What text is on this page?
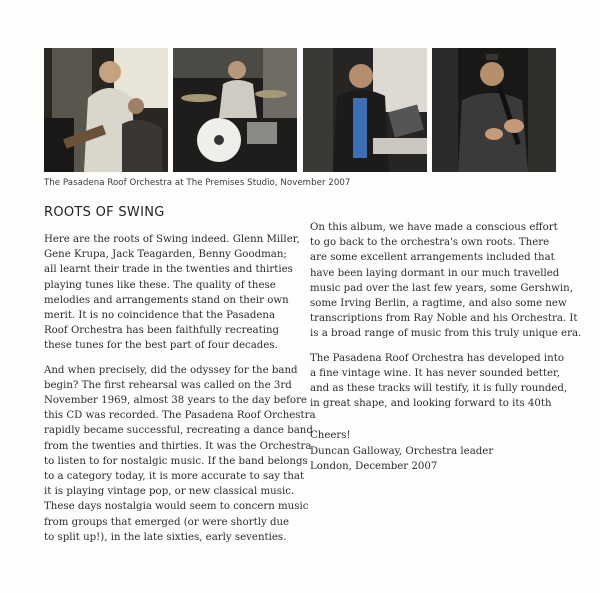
The Pasadena Roof Orchestra at The Premises Studio, November 2007
ROOTS OF SWING
Here are the roots of Swing indeed. Glenn Miller,
Gene Krupa, Jack Teagarden, Benny Goodman;
all learnt their trade in the twenties and thirties
playing tunes like these. The quality of these
melodies and arrangements stand on their own
merit. It is no coincidence that the Pasadena
Roof Orchestra has been faithfully recreating
these tunes for the best part of four decades.
And when precisely, did the odyssey for the band
begin? The first rehearsal was called on the 3rd
November 1969, almost 38 years to the day before
this CD was recorded. The Pasadena Roof Orchestra
rapidly became successful, recreating a dance band
from the twenties and thirties. It was the Orchestra
to listen to for nostalgic music. If the band belongs
to a category today, it is more accurate to say that
it is playing vintage pop, or new classical music.
These days nostalgia would seem to concern music
from groups that emerged (or were shortly due
to split up!), in the late sixties, early seventies.
On this album, we have made a conscious effort
to go back to the orchestra's own roots. There
are some excellent arrangements included that
have been laying dormant in our much travelled
music pad over the last few years, some Gershwin,
some Irving Berlin, a ragtime, and also some new
transcriptions from Ray Noble and his Orchestra. It
is a broad range of music from this truly unique era.
The Pasadena Roof Orchestra has developed into
a fine vintage wine. It has never sounded better,
and as these tracks will testify, it is fully rounded,
in great shape, and looking forward to its 40th
Cheers!
Duncan Galloway, Orchestra leader
London, December 2007
